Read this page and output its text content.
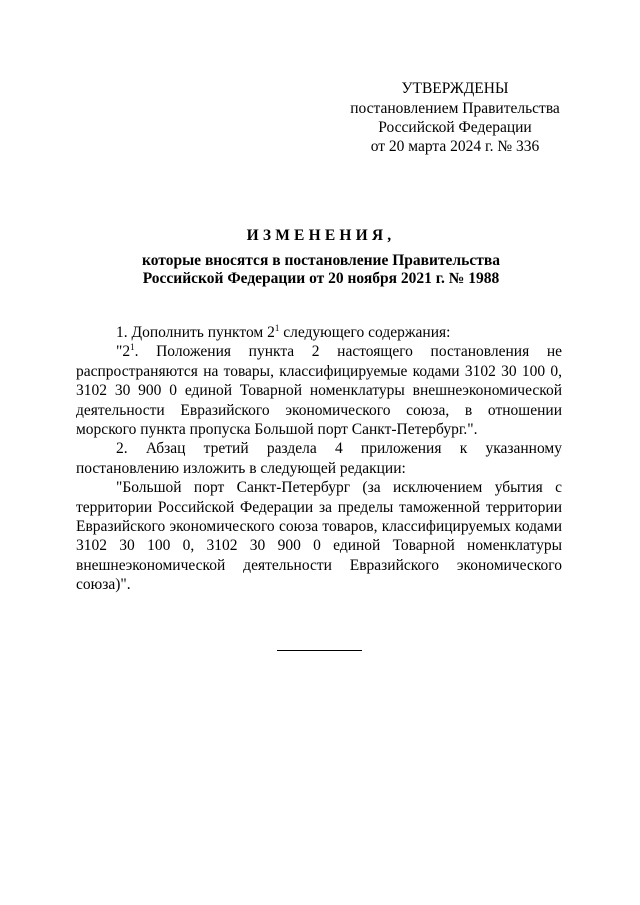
УТВЕРЖДЕНЫ
постановлением Правительства
Российской Федерации
от 20 марта 2024 г. № 336
ИЗМЕНЕНИЯ,
которые вносятся в постановление Правительства
Российской Федерации от 20 ноября 2021 г. № 1988

1. Дополнить пунктом $2^1$ следующего содержания:

"$2^1$. Положения пункта 2 настоящего постановления не распространяются на товары, классифицируемые кодами 3102 30 100 0, 3102 30 900 0 единой Товарной номенклатуры внешнеэкономической деятельности Евразийского экономического союза, в отношении морского пункта пропуска Большой порт Санкт-Петербург.".

2. Абзац третий раздела 4 приложения к указанному постановлению изложить в следующей редакции:

"Большой порт Санкт-Петербург (за исключением убытия с территории Российской Федерации за пределы таможенной территории Евразийского экономического союза товаров, классифицируемых кодами 3102 30 100 0, 3102 30 900 0 единой Товарной номенклатуры внешнеэкономической деятельности Евразийского экономического союза)".
